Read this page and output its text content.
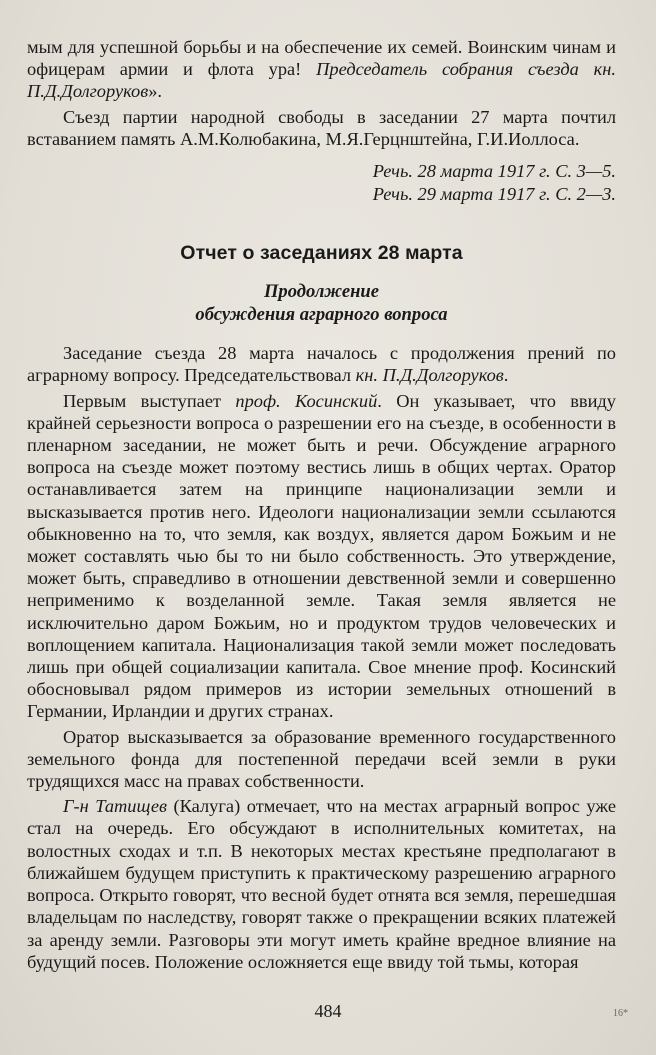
мым для успешной борьбы и на обеспечение их семей. Воинским чинам и офицерам армии и флота ура! Председатель собрания съезда кн. П.Д.Долгоруков».

Съезд партии народной свободы в заседании 27 марта почтил вставанием память А.М.Колюбакина, М.Я.Герцнштейна, Г.И.Иоллоса.

Речь. 28 марта 1917 г. С. 3—5.
Речь. 29 марта 1917 г. С. 2—3.
Отчет о заседаниях 28 марта
Продолжение
обсуждения аграрного вопроса

Заседание съезда 28 марта началось с продолжения прений по аграрному вопросу. Председательствовал кн. П.Д.Долгоруков.

Первым выступает проф. Косинский. Он указывает, что ввиду крайней серьезности вопроса о разрешении его на съезде, в особенности в пленарном заседании, не может быть и речи. Обсуждение аграрного вопроса на съезде может поэтому вестись лишь в общих чертах. Оратор останавливается затем на принципе национализации земли и высказывается против него. Идеологи национализации земли ссылаются обыкновенно на то, что земля, как воздух, является даром Божьим и не может составлять чью бы то ни было собственность. Это утверждение, может быть, справедливо в отношении девственной земли и совершенно неприменимо к возделанной земле. Такая земля является не исключительно даром Божьим, но и продуктом трудов человеческих и воплощением капитала. Национализация такой земли может последовать лишь при общей социализации капитала. Свое мнение проф. Косинский обосновывал рядом примеров из истории земельных отношений в Германии, Ирландии и других странах.

Оратор высказывается за образование временного государственного земельного фонда для постепенной передачи всей земли в руки трудящихся масс на правах собственности.

Г-н Татищев (Калуга) отмечает, что на местах аграрный вопрос уже стал на очередь. Его обсуждают в исполнительных комитетах, на волостных сходах и т.п. В некоторых местах крестьяне предполагают в ближайшем будущем приступить к практическому разрешению аграрного вопроса. Открыто говорят, что весной будет отнята вся земля, перешедшая владельцам по наследству, говорят также о прекращении всяких платежей за аренду земли. Разговоры эти могут иметь крайне вредное влияние на будущий посев. Положение осложняется еще ввиду той тьмы, которая

484	16*
